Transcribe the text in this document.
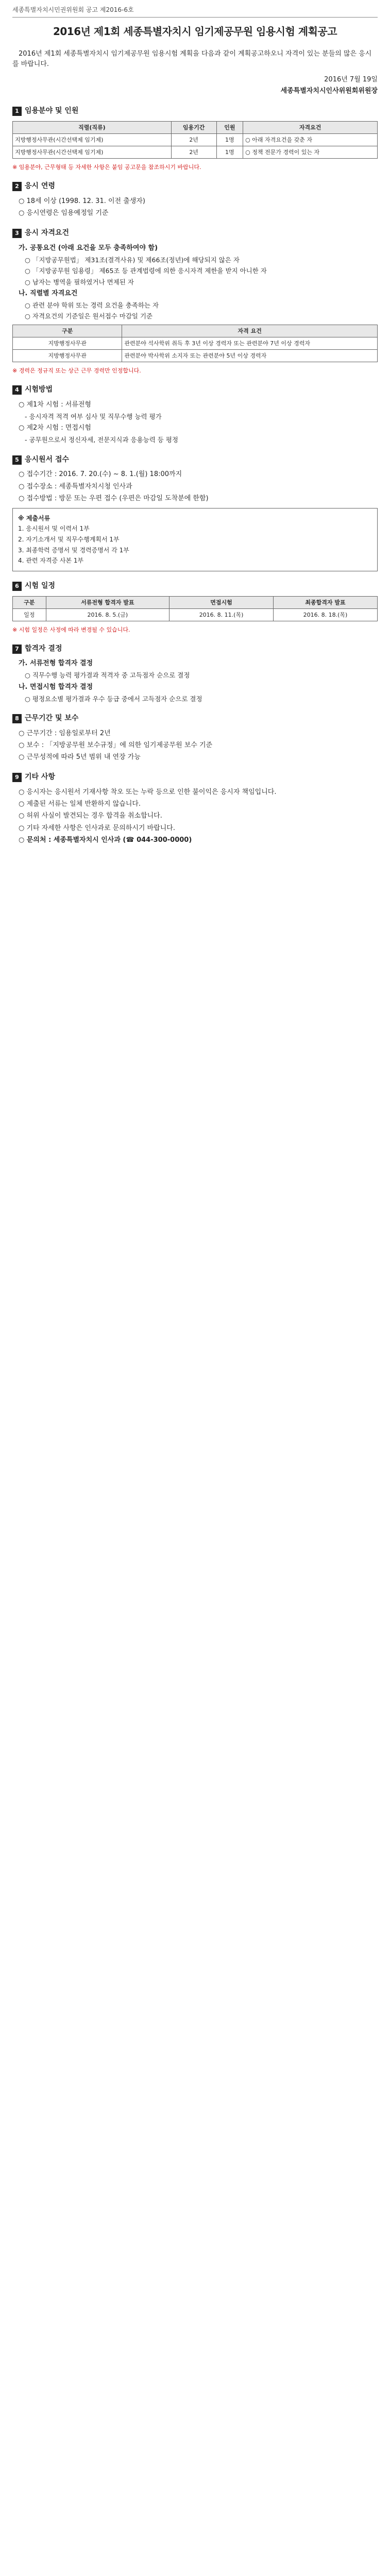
세종특별자치시민권위원회 공고 제2016-6호
2016년 제1회 세종특별자치시 임기제공무원 임용시험 계획공고

2016년 제1회 세종특별자치시 임기제공무원 임용시험 계획을 다음과 같이 계획공고하오니 자격이 있는 분들의 많은 응시를 바랍니다.

2016년 7월 19일

세종특별자치시인사위원회위원장

1 임용분야 및 인원
직렬(직류)	임용기간	인원	자격요건
지방행정사무관(시간선택제 임기제)	2년	1명	○ 아래 자격요건을 갖춘 자
지방행정사무관(시간선택제 임기제)	2년	1명	○ 정책 전문가 경력이 있는 자

※ 임용분야, 근무형태 등 자세한 사항은 붙임 공고문을 참조하시기 바랍니다.

2 응시 연령

○ 18세 이상 (1998. 12. 31. 이전 출생자)

○ 응시연령은 임용예정일 기준

3 응시 자격요건

가. 공통요건 (아래 요건을 모두 충족하여야 함)

○ 「지방공무원법」 제31조(결격사유) 및 제66조(정년)에 해당되지 않은 자

○ 「지방공무원 임용령」 제65조 등 관계법령에 의한 응시자격 제한을 받지 아니한 자

○ 남자는 병역을 필하였거나 면제된 자

나. 직렬별 자격요건

○ 관련 분야 학위 또는 경력 요건을 충족하는 자

○ 자격요건의 기준일은 원서접수 마감일 기준

구분	자격 요건
지방행정사무관	관련분야 석사학위 취득 후 3년 이상 경력자 또는 관련분야 7년 이상 경력자
지방행정사무관	관련분야 박사학위 소지자 또는 관련분야 5년 이상 경력자

※ 경력은 정규직 또는 상근 근무 경력만 인정합니다.

4 시험방법

○ 제1차 시험 : 서류전형

- 응시자격 적격 여부 심사 및 직무수행 능력 평가

○ 제2차 시험 : 면접시험

- 공무원으로서 정신자세, 전문지식과 응용능력 등 평정

5 응시원서 접수

○ 접수기간 : 2016. 7. 20.(수) ~ 8. 1.(월) 18:00까지

○ 접수장소 : 세종특별자치시청 인사과

○ 접수방법 : 방문 또는 우편 접수 (우편은 마감일 도착분에 한함)

※ 제출서류

1. 응시원서 및 이력서 1부

2. 자기소개서 및 직무수행계획서 1부

3. 최종학력 증명서 및 경력증명서 각 1부

4. 관련 자격증 사본 1부

6 시험 일정
구분	서류전형 합격자 발표	면접시험	최종합격자 발표
일정	2016. 8. 5.(금)	2016. 8. 11.(목)	2016. 8. 18.(목)

※ 시험 일정은 사정에 따라 변경될 수 있습니다.

7 합격자 결정

가. 서류전형 합격자 결정

○ 직무수행 능력 평가결과 적격자 중 고득점자 순으로 결정

나. 면접시험 합격자 결정

○ 평정요소별 평가결과 우수 등급 중에서 고득점자 순으로 결정

8 근무기간 및 보수

○ 근무기간 : 임용일로부터 2년

○ 보수 : 「지방공무원 보수규정」에 의한 임기제공무원 보수 기준

○ 근무성적에 따라 5년 범위 내 연장 가능

9 기타 사항

○ 응시자는 응시원서 기재사항 착오 또는 누락 등으로 인한 불이익은 응시자 책임입니다.

○ 제출된 서류는 일체 반환하지 않습니다.

○ 허위 사실이 발견되는 경우 합격을 취소합니다.

○ 기타 자세한 사항은 인사과로 문의하시기 바랍니다.

○ 문의처 : 세종특별자치시 인사과 (☎ 044-300-0000)
